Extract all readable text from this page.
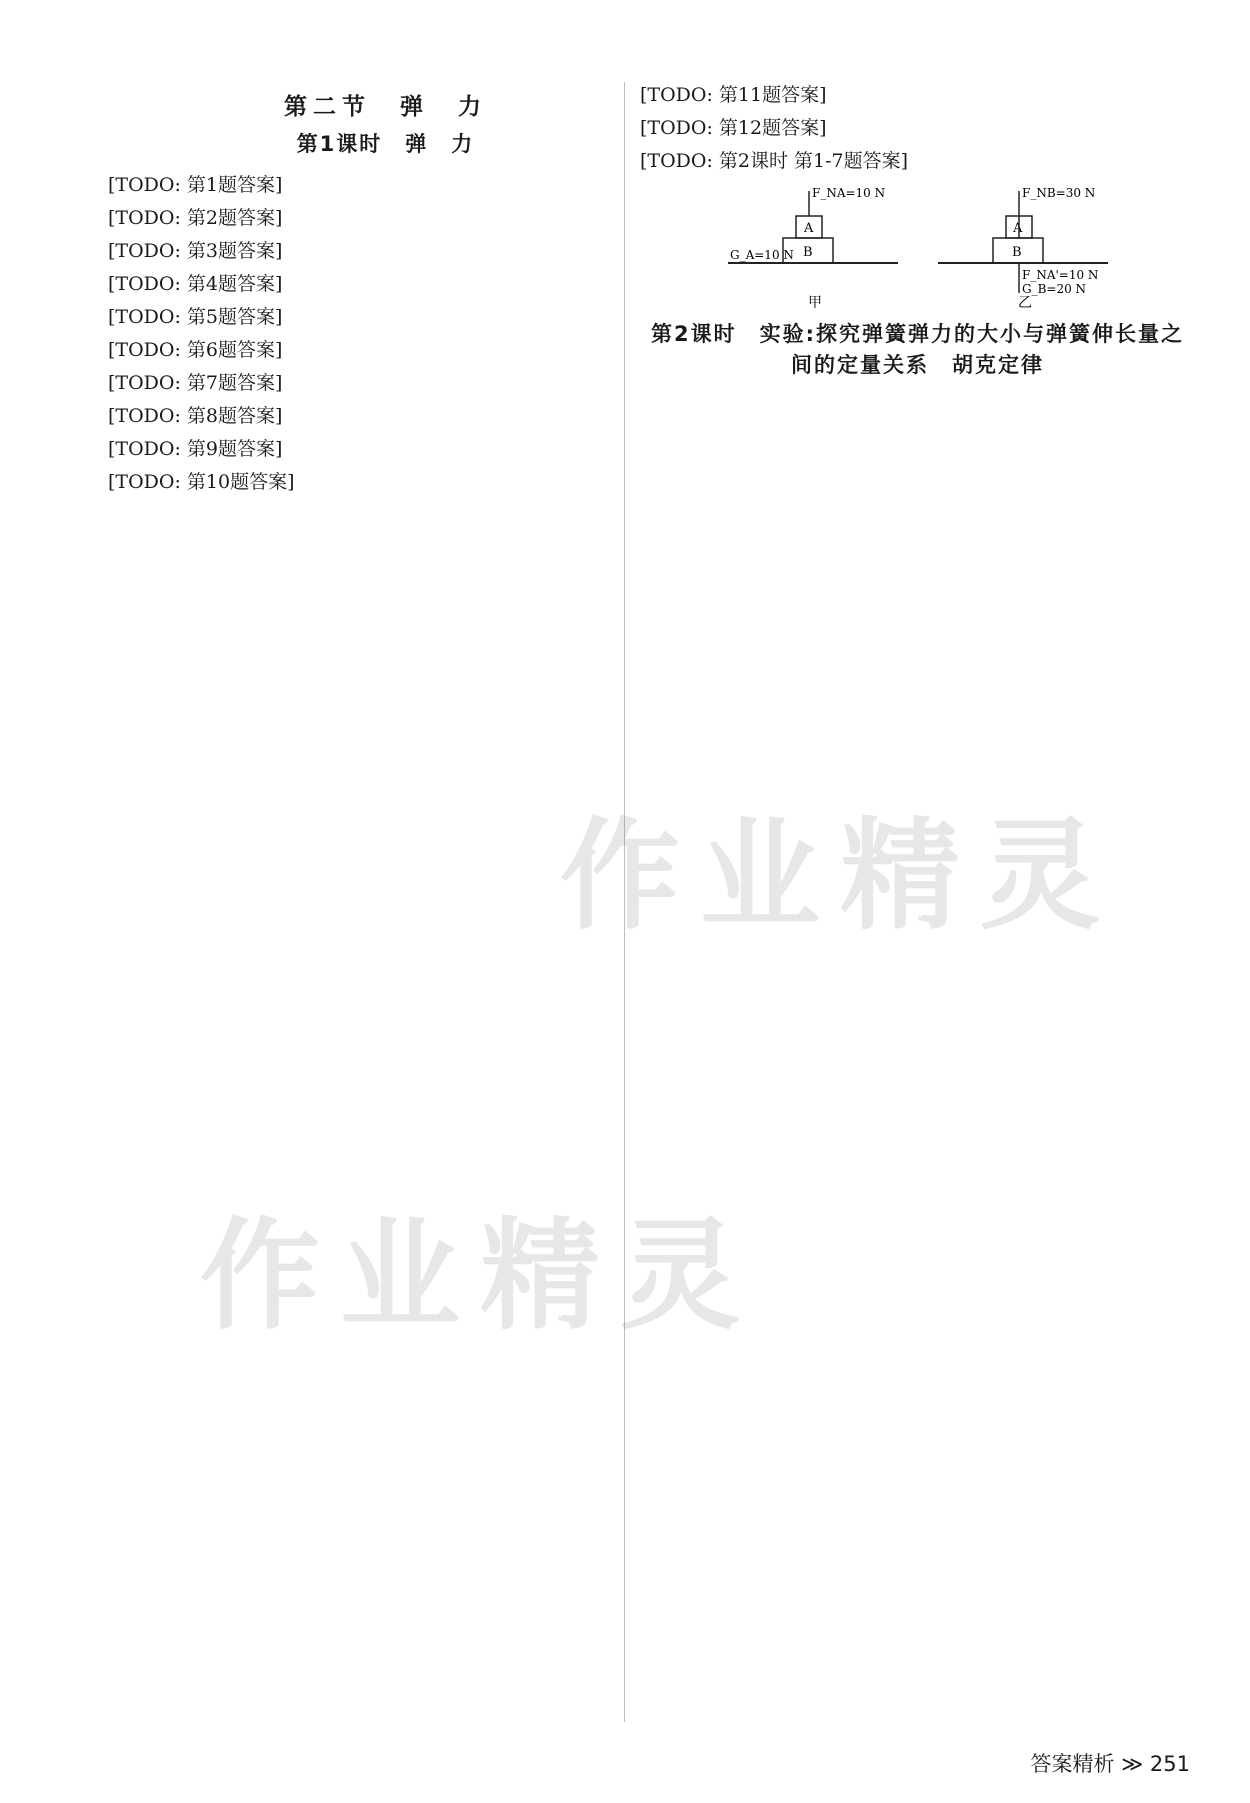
第二节　弹　力
第1课时　弹　力

[TODO: 第1题答案]

[TODO: 第2题答案]

[TODO: 第3题答案]

[TODO: 第4题答案]

[TODO: 第5题答案]

[TODO: 第6题答案]

[TODO: 第7题答案]

[TODO: 第8题答案]

[TODO: 第9题答案]

[TODO: 第10题答案]

[TODO: 第11题答案]

[TODO: 第12题答案]

[TODO: 第2课时 第1-7题答案]

A
B
F_NA=10 N
G_A=10 N
甲
A
B
F_NB=30 N
F_NA'=10 N
G_B=20 N
乙
第2课时　实验:探究弹簧弹力的大小与弹簧伸长量之间的定量关系　胡克定律
答案精析 ≫ 251
作业精灵
作业精灵
